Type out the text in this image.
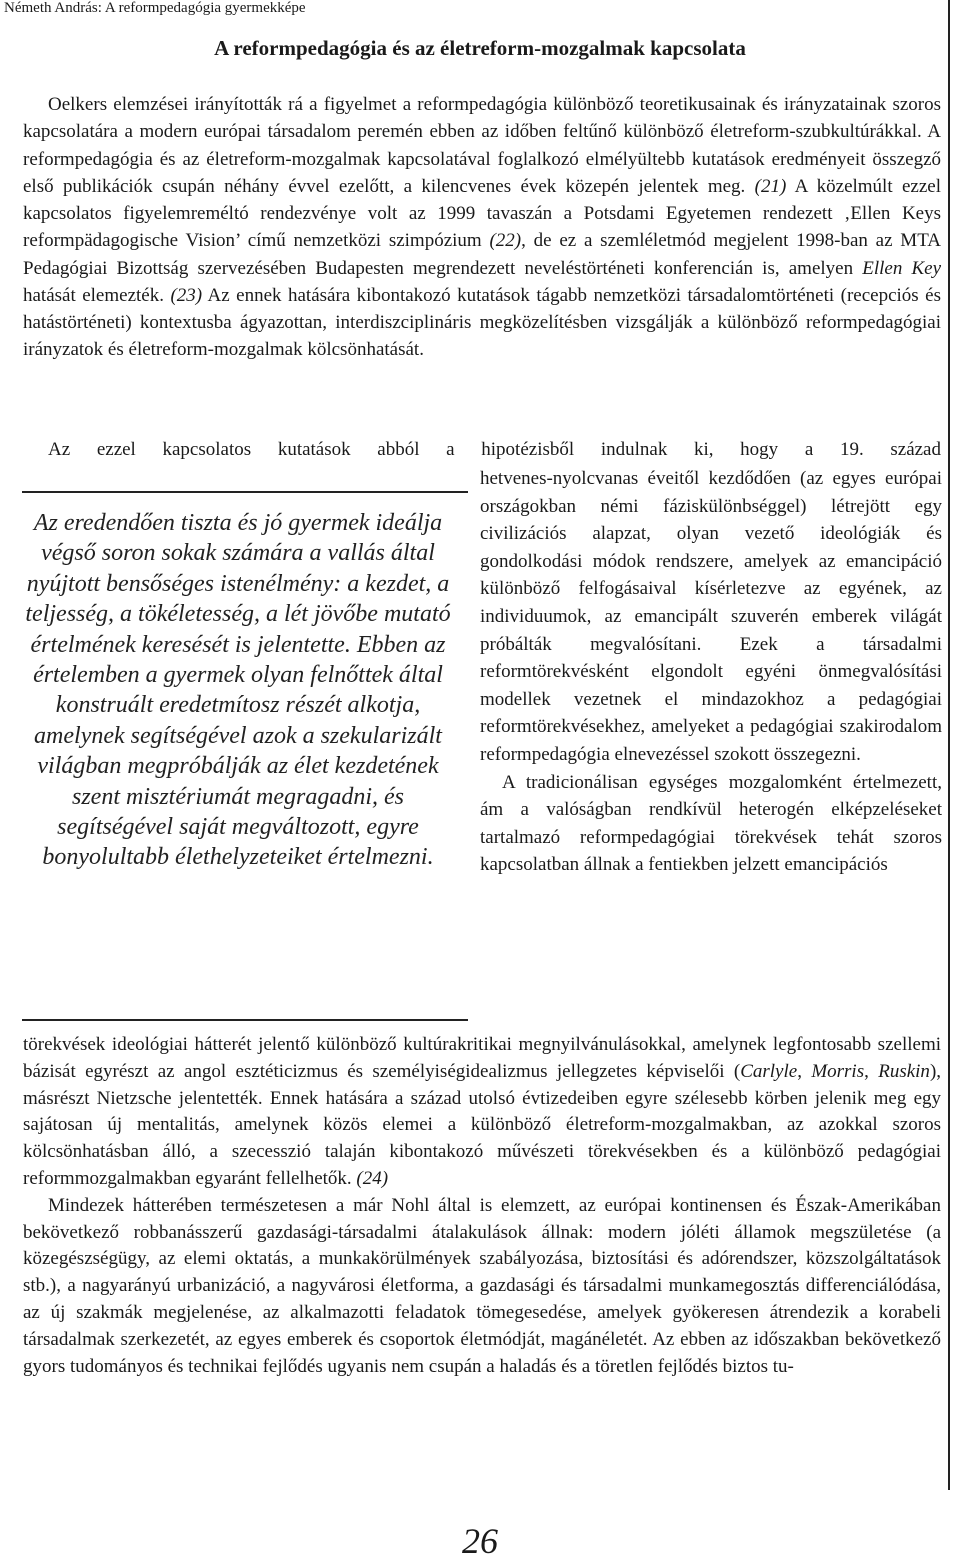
Németh András: A reformpedagógia gyermekképe
A reformpedagógia és az életreform-mozgalmak kapcsolata

Oelkers elemzései irányították rá a figyelmet a reformpedagógia különböző teoretikusainak és irányzatainak szoros kapcsolatára a modern európai társadalom peremén ebben az időben feltűnő különböző életreform-szubkultúrákkal. A reformpedagógia és az életreform-mozgalmak kapcsolatával foglalkozó elmélyültebb kutatások eredményeit összegző első publikációk csupán néhány évvel ezelőtt, a kilencvenes évek közepén jelentek meg. (21) A közelmúlt ezzel kapcsolatos figyelemreméltó rendezvénye volt az 1999 tavaszán a Potsdami Egyetemen rendezett ‚Ellen Keys reformpädagogische Vision’ című nemzetközi szimpózium (22), de ez a szemléletmód megjelent 1998-ban az MTA Pedagógiai Bizottság szervezésében Budapesten megrendezett neveléstörténeti konferencián is, amelyen Ellen Key hatását elemezték. (23) Az ennek hatására kibontakozó kutatások tágabb nemzetközi társadalomtörténeti (recepciós és hatástörténeti) kontextusba ágyazottan, interdiszciplináris megközelítésben vizsgálják a különböző reformpedagógiai irányzatok és életreform-mozgalmak kölcsönhatását.

Az ezzel kapcsolatos kutatások abból a hipotézisből indulnak ki, hogy a 19. század

Az eredendően tiszta és jó gyermek ideálja végső soron sokak számára a vallás által nyújtott bensőséges istenélmény: a kezdet, a teljesség, a tökéletesség, a lét jövőbe mutató értelmének keresését is jelentette. Ebben az értelemben a gyermek olyan felnőttek által konstruált eredetmítosz részét alkotja, amelynek segítségével azok a szekularizált világban megpróbálják az élet kezdetének szent misztériumát megragadni, és segítségével saját megváltozott, egyre bonyolultabb élethelyzeteiket értelmezni.
hetvenes-nyolcvanas éveitől kezdődően (az egyes európai országokban némi fáziskülönbséggel) létrejött egy civilizációs alapzat, olyan vezető ideológiák és gondolkodási módok rendszere, amelyek az emancipáció különböző felfogásaival kísérletezve az egyének, az individuumok, az emancipált szuverén emberek világát próbálták megvalósítani. Ezek a társadalmi reformtörekvésként elgondolt egyéni önmegvalósítási modellek vezetnek el mindazokhoz a pedagógiai reformtörekvésekhez, amelyeket a pedagógiai szakirodalom reformpedagógia elnevezéssel szokott összegezni.
A tradicionálisan egységes mozgalomként értelmezett, ám a valóságban rendkívül heterogén elképzeléseket tartalmazó reformpedagógiai törekvések tehát szoros kapcsolatban állnak a fentiekben jelzett emancipációs

törekvések ideológiai hátterét jelentő különböző kultúrakritikai megnyilvánulásokkal, amelynek legfontosabb szellemi bázisát egyrészt az angol esztéticizmus és személyiségidealizmus jellegzetes képviselői (Carlyle, Morris, Ruskin), másrészt Nietzsche jelentették. Ennek hatására a század utolsó évtizedeiben egyre szélesebb körben jelenik meg egy sajátosan új mentalitás, amelynek közös elemei a különböző életreform-mozgalmakban, az azokkal szoros kölcsönhatásban álló, a szecesszió talaján kibontakozó művészeti törekvésekben és a különböző pedagógiai reformmozgalmakban egyaránt fellelhetők. (24)
Mindezek hátterében természetesen a már Nohl által is elemzett, az európai kontinensen és Észak-Amerikában bekövetkező robbanásszerű gazdasági-társadalmi átalakulások állnak: modern jóléti államok megszületése (a közegészségügy, az elemi oktatás, a munkakörülmények szabályozása, biztosítási és adórendszer, közszolgáltatások stb.), a nagyarányú urbanizáció, a nagyvárosi életforma, a gazdasági és társadalmi munkamegosztás differenciálódása, az új szakmák megjelenése, az alkalmazotti feladatok tömegesedése, amelyek gyökeresen átrendezik a korabeli társadalmak szerkezetét, az egyes emberek és csoportok életmódját, magánéletét. Az ebben az időszakban bekövetkező gyors tudományos és technikai fejlődés ugyanis nem csupán a haladás és a töretlen fejlődés biztos tu-

26
